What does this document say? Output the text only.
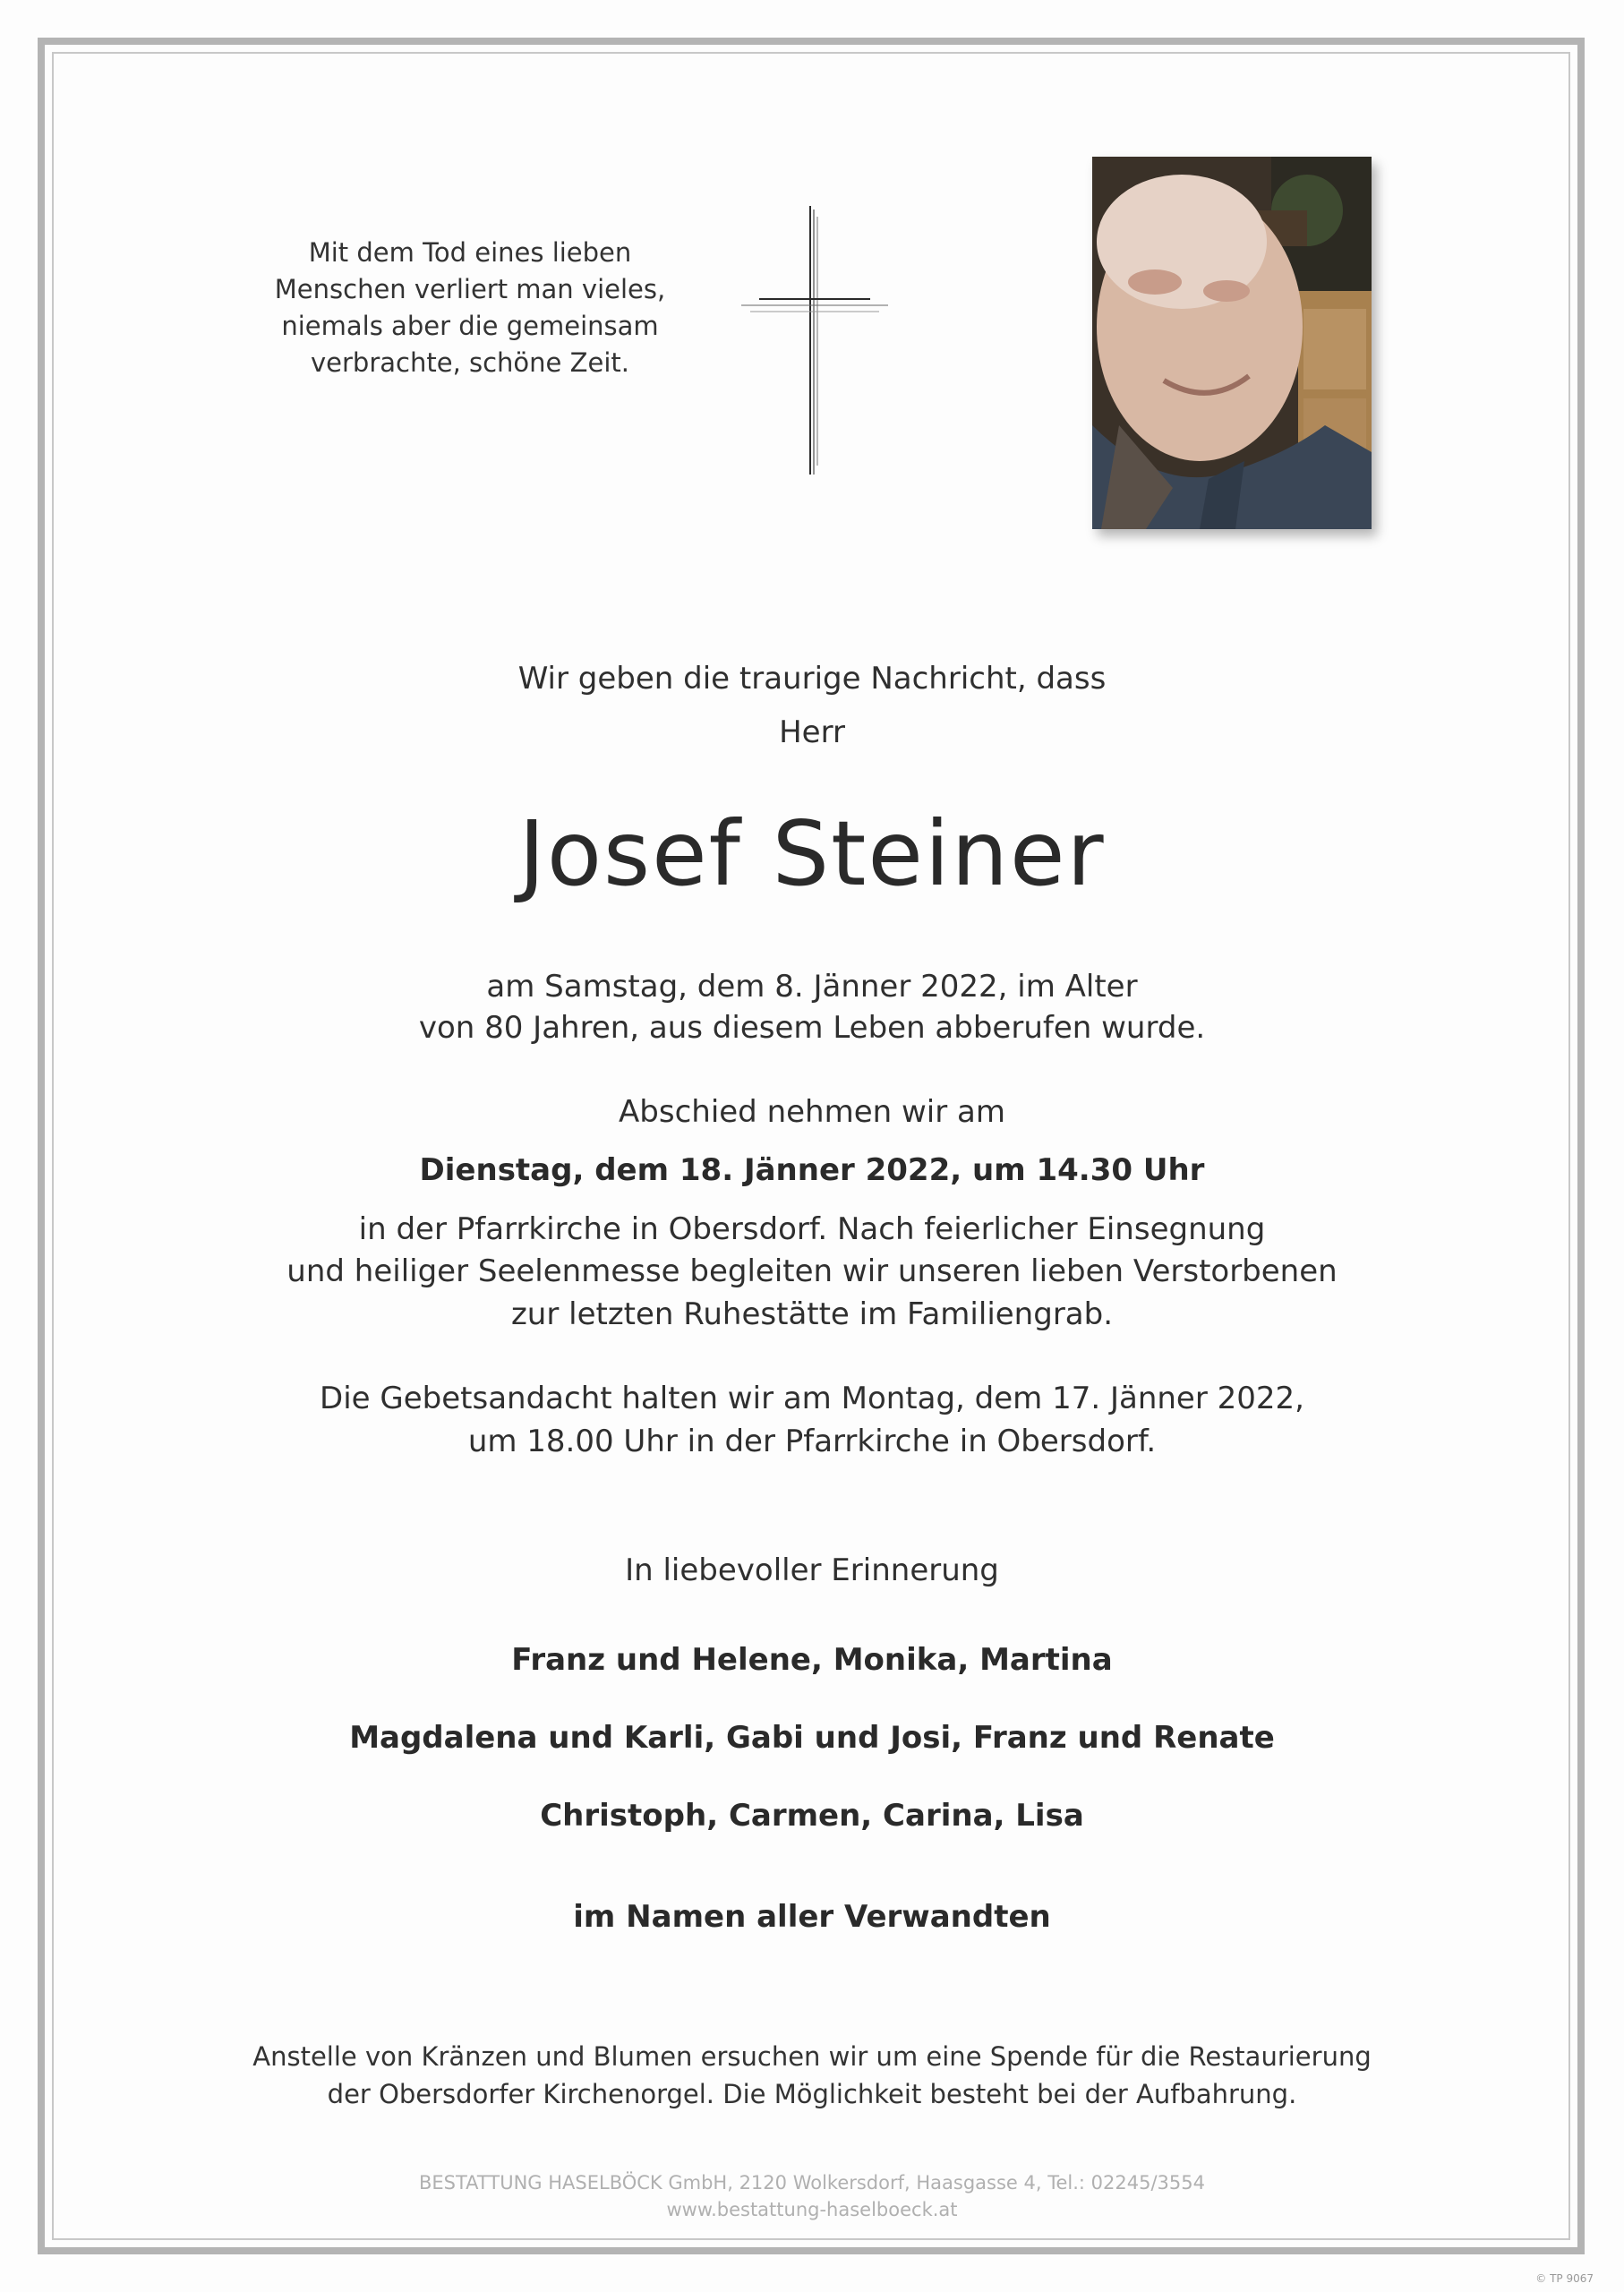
Mit dem Tod eines lieben
Menschen verliert man vieles,
niemals aber die gemeinsam
verbrachte, schöne Zeit.
Wir geben die traurige Nachricht, dass
Herr
Josef Steiner
am Samstag, dem 8. Jänner 2022, im Alter
von 80 Jahren, aus diesem Leben abberufen wurde.
Abschied nehmen wir am
Dienstag, dem 18. Jänner 2022, um 14.30 Uhr
in der Pfarrkirche in Obersdorf. Nach feierlicher Einsegnung
und heiliger Seelenmesse begleiten wir unseren lieben Verstorbenen
zur letzten Ruhestätte im Familiengrab.
Die Gebetsandacht halten wir am Montag, dem 17. Jänner 2022,
um 18.00 Uhr in der Pfarrkirche in Obersdorf.
In liebevoller Erinnerung
Franz und Helene, Monika, Martina
Magdalena und Karli, Gabi und Josi, Franz und Renate
Christoph, Carmen, Carina, Lisa
im Namen aller Verwandten
Anstelle von Kränzen und Blumen ersuchen wir um eine Spende für die Restaurierung
der Obersdorfer Kirchenorgel. Die Möglichkeit besteht bei der Aufbahrung.
BESTATTUNG HASELBÖCK GmbH, 2120 Wolkersdorf, Haasgasse 4, Tel.: 02245/3554
www.bestattung-haselboeck.at
© TP 9067
